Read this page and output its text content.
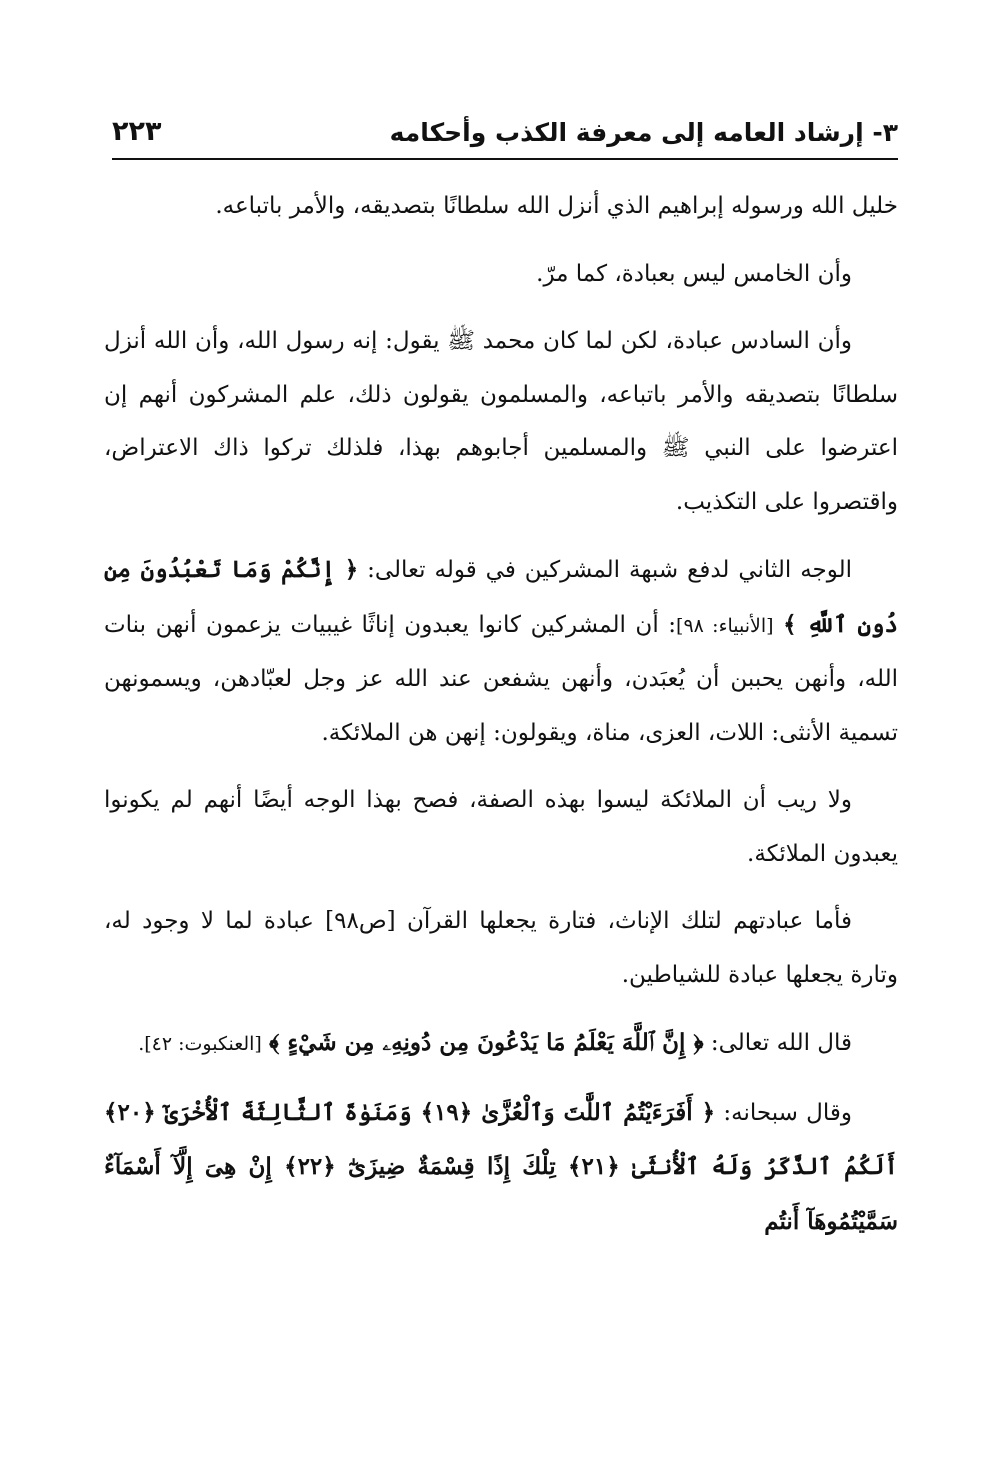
٣- إرشاد العامه إلى معرفة الكذب وأحكامه
٢٢٣

خليل الله ورسوله إبراهيم الذي أنزل الله سلطانًا بتصديقه، والأمر باتباعه.

وأن الخامس ليس بعبادة، كما مرّ.

وأن السادس عبادة، لكن لما كان محمد ﷺ يقول: إنه رسول الله، وأن الله أنزل سلطانًا بتصديقه والأمر باتباعه، والمسلمون يقولون ذلك، علم المشركون أنهم إن اعترضوا على النبي ﷺ والمسلمين أجابوهم بهذا، فلذلك تركوا ذاك الاعتراض، واقتصروا على التكذيب.

الوجه الثاني لدفع شبهة المشركين في قوله تعالى: ﴿ إِنَّكُمْ وَمَا تَعْبُدُونَ مِن دُونِ ٱللَّهِ ﴾ [الأنبياء: ٩٨]: أن المشركين كانوا يعبدون إناثًا غيبيات يزعمون أنهن بنات الله، وأنهن يحببن أن يُعبَدن، وأنهن يشفعن عند الله عز وجل لعبّادهن، ويسمونهن تسمية الأنثى: اللات، العزى، مناة، ويقولون: إنهن هن الملائكة.

ولا ريب أن الملائكة ليسوا بهذه الصفة، فصح بهذا الوجه أيضًا أنهم لم يكونوا يعبدون الملائكة.

فأما عبادتهم لتلك الإناث، فتارة يجعلها القرآن [ص٩٨] عبادة لما لا وجود له، وتارة يجعلها عبادة للشياطين.

قال الله تعالى: ﴿ إِنَّ ٱللَّهَ يَعْلَمُ مَا يَدْعُونَ مِن دُونِهِۦ مِن شَيْءٍ ﴾ [العنكبوت: ٤٢].

وقال سبحانه: ﴿ أَفَرَءَيْتُمُ ٱللَّٰتَ وَٱلْعُزَّىٰ ﴿١٩﴾ وَمَنَوٰةَ ٱلثَّالِثَةَ ٱلْأُخْرَىٰٓ ﴿٢٠﴾ أَلَكُمُ ٱلذَّكَرُ وَلَهُ ٱلْأُنثَىٰ ﴿٢١﴾ تِلْكَ إِذًا قِسْمَةٌ ضِيزَىٰٓ ﴿٢٢﴾ إِنْ هِىَ إِلَّآ أَسْمَآءٌ سَمَّيْتُمُوهَآ أَنتُم
